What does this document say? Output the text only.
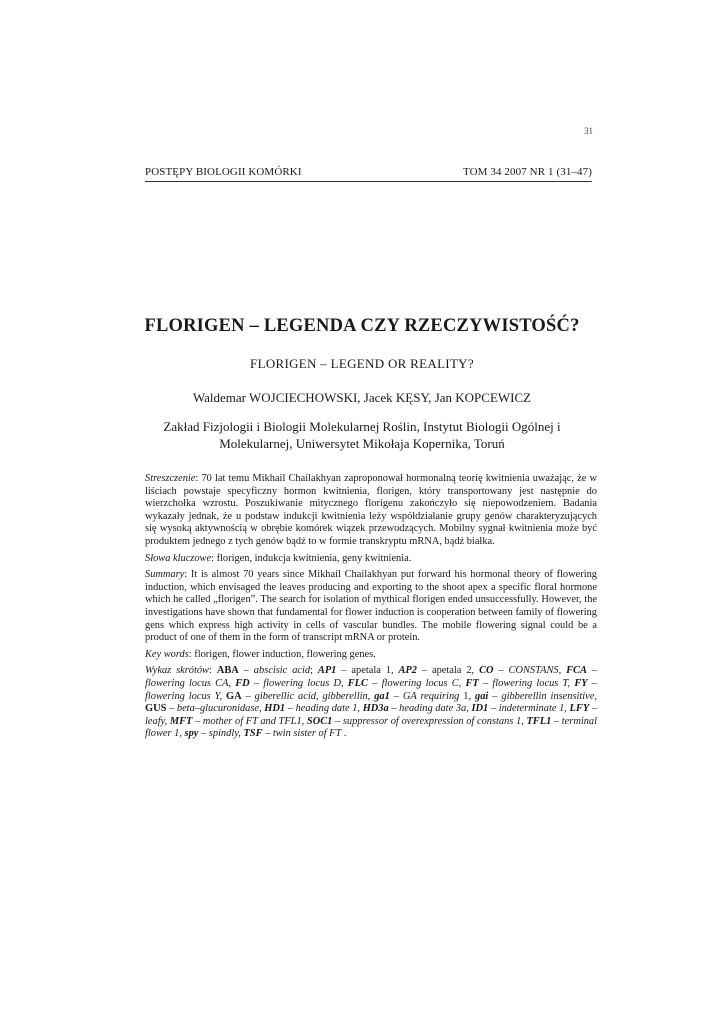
31
POSTĘPY BIOLOGII KOMÓRKI	TOM 34 2007 NR 1 (31–47)
FLORIGEN – LEGENDA CZY RZECZYWISTOŚĆ?
FLORIGEN – LEGEND OR REALITY?
Waldemar WOJCIECHOWSKI, Jacek KĘSY, Jan KOPCEWICZ
Zakład Fizjologii i Biologii Molekularnej Roślin, Instytut Biologii Ogólnej i
Molekularnej, Uniwersytet Mikołaja Kopernika, Toruń

Streszczenie: 70 lat temu Mikhail Chailakhyan zaproponował hormonalną teorię kwitnienia uważając, że w liściach powstaje specyficzny hormon kwitnienia, florigen, który transportowany jest następnie do wierzchołka wzrostu. Poszukiwanie mitycznego florigenu zakończyło się niepowodzeniem. Badania wykazały jednak, że u podstaw indukcji kwitnienia leży współdziałanie grupy genów charakteryzujących się wysoką aktywnością w obrębie komórek wiązek przewodzących. Mobilny sygnał kwitnienia może być produktem jednego z tych genów bądź to w formie transkryptu mRNA, bądź białka.

Słowa kluczowe: florigen, indukcja kwitnienia, geny kwitnienia.

Summary: It is almost 70 years since Mikhail Chailakhyan put forward his hormonal theory of flowering induction, which envisaged the leaves producing and exporting to the shoot apex a specific floral hormone which he called „florigen”. The search for isolation of mythical florigen ended unsuccessfully. However, the investigations have shown that fundamental for flower induction is cooperation between family of flowering gens which express high activity in cells of vascular bundles. The mobile flowering signal could be a product of one of them in the form of transcript mRNA or protein.

Key words: florigen, flower induction, flowering genes.

Wykaz skrótów: ABA – abscisic acid; AP1 – apetala 1, AP2 – apetala 2, CO – CONSTANS, FCA – flowering locus CA, FD – flowering locus D, FLC – flowering locus C, FT – flowering locus T, FY – flowering locus Y, GA – giberellic acid, gibberellin, ga1 – GA requiring 1, gai – gibberellin insensitive, GUS – beta–glucuronidase, HD1 – heading date 1, HD3a – heading date 3a, ID1 – indeterminate 1, LFY – leafy, MFT – mother of FT and TFL1, SOC1 – suppressor of overexpression of constans 1, TFL1 – terminal flower 1, spy – spindly, TSF – twin sister of FT .
